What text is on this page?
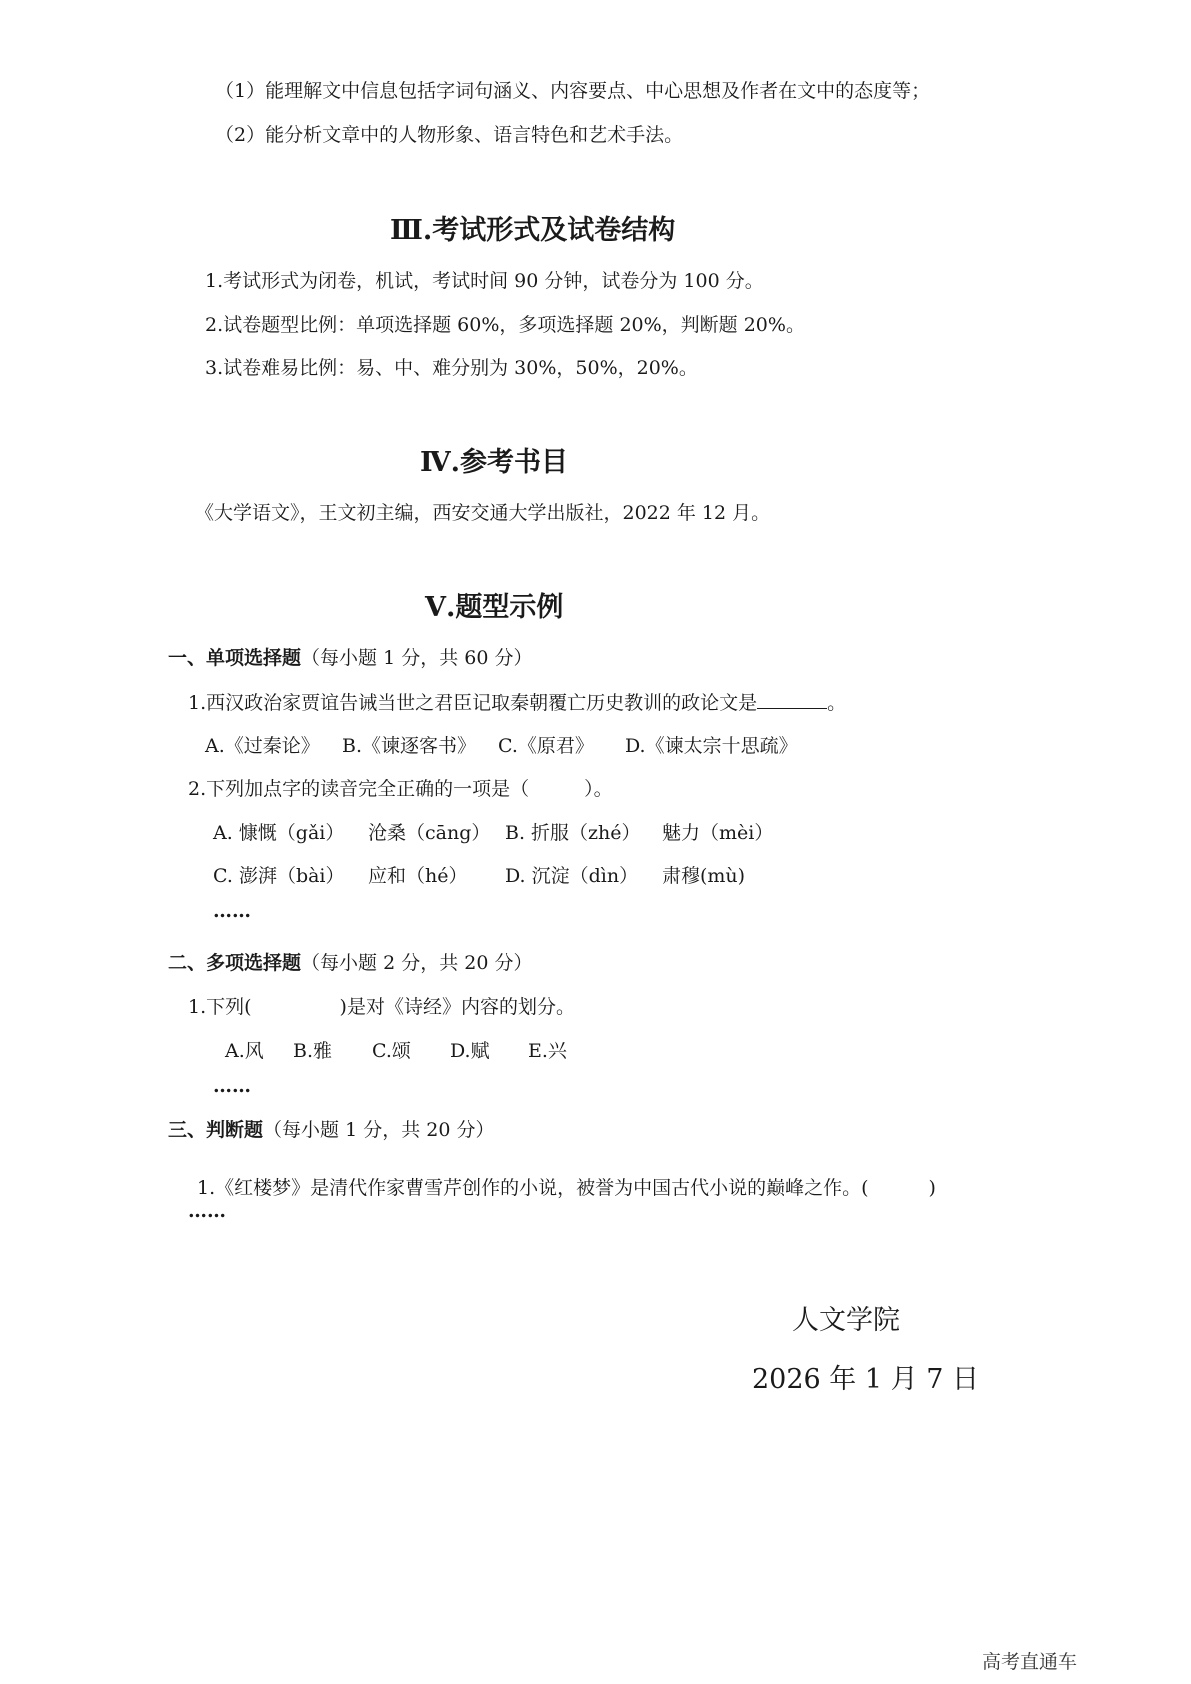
（1）能理解文中信息包括字词句涵义、内容要点、中心思想及作者在文中的态度等；
（2）能分析文章中的人物形象、语言特色和艺术手法。
Ⅲ.考试形式及试卷结构
1.考试形式为闭卷，机试，考试时间 90 分钟，试卷分为 100 分。
2.试卷题型比例：单项选择题 60%，多项选择题 20%，判断题 20%。
3.试卷难易比例：易、中、难分别为 30%，50%，20%。
Ⅳ.参考书目
《大学语文》，王文初主编，西安交通大学出版社，2022 年 12 月。
Ⅴ.题型示例
一、单项选择题（每小题 1 分，共 60 分）
1.西汉政治家贾谊告诫当世之君臣记取秦朝覆亡历史教训的政论文是	。
A.《过秦论》 B.《谏逐客书》 C.《原君》 D.《谏太宗十思疏》
2.下列加点字的读音完全正确的一项是（	）。
A. 慷慨（gǎi） 沧桑（cāng） B. 折服（zhé） 魅力（mèi）
C. 澎湃（bài） 应和（hé） D. 沉淀（dìn） 肃穆(mù)
……
二、多项选择题（每小题 2 分，共 20 分）
1.下列(	)是对《诗经》内容的划分。
A.风 B.雅 C.颂 D.赋 E.兴
……
三、判断题（每小题 1 分，共 20 分）
1.《红楼梦》是清代作家曹雪芹创作的小说，被誉为中国古代小说的巅峰之作。(	)
……
人文学院
2026 年 1 月 7 日
高考直通车
